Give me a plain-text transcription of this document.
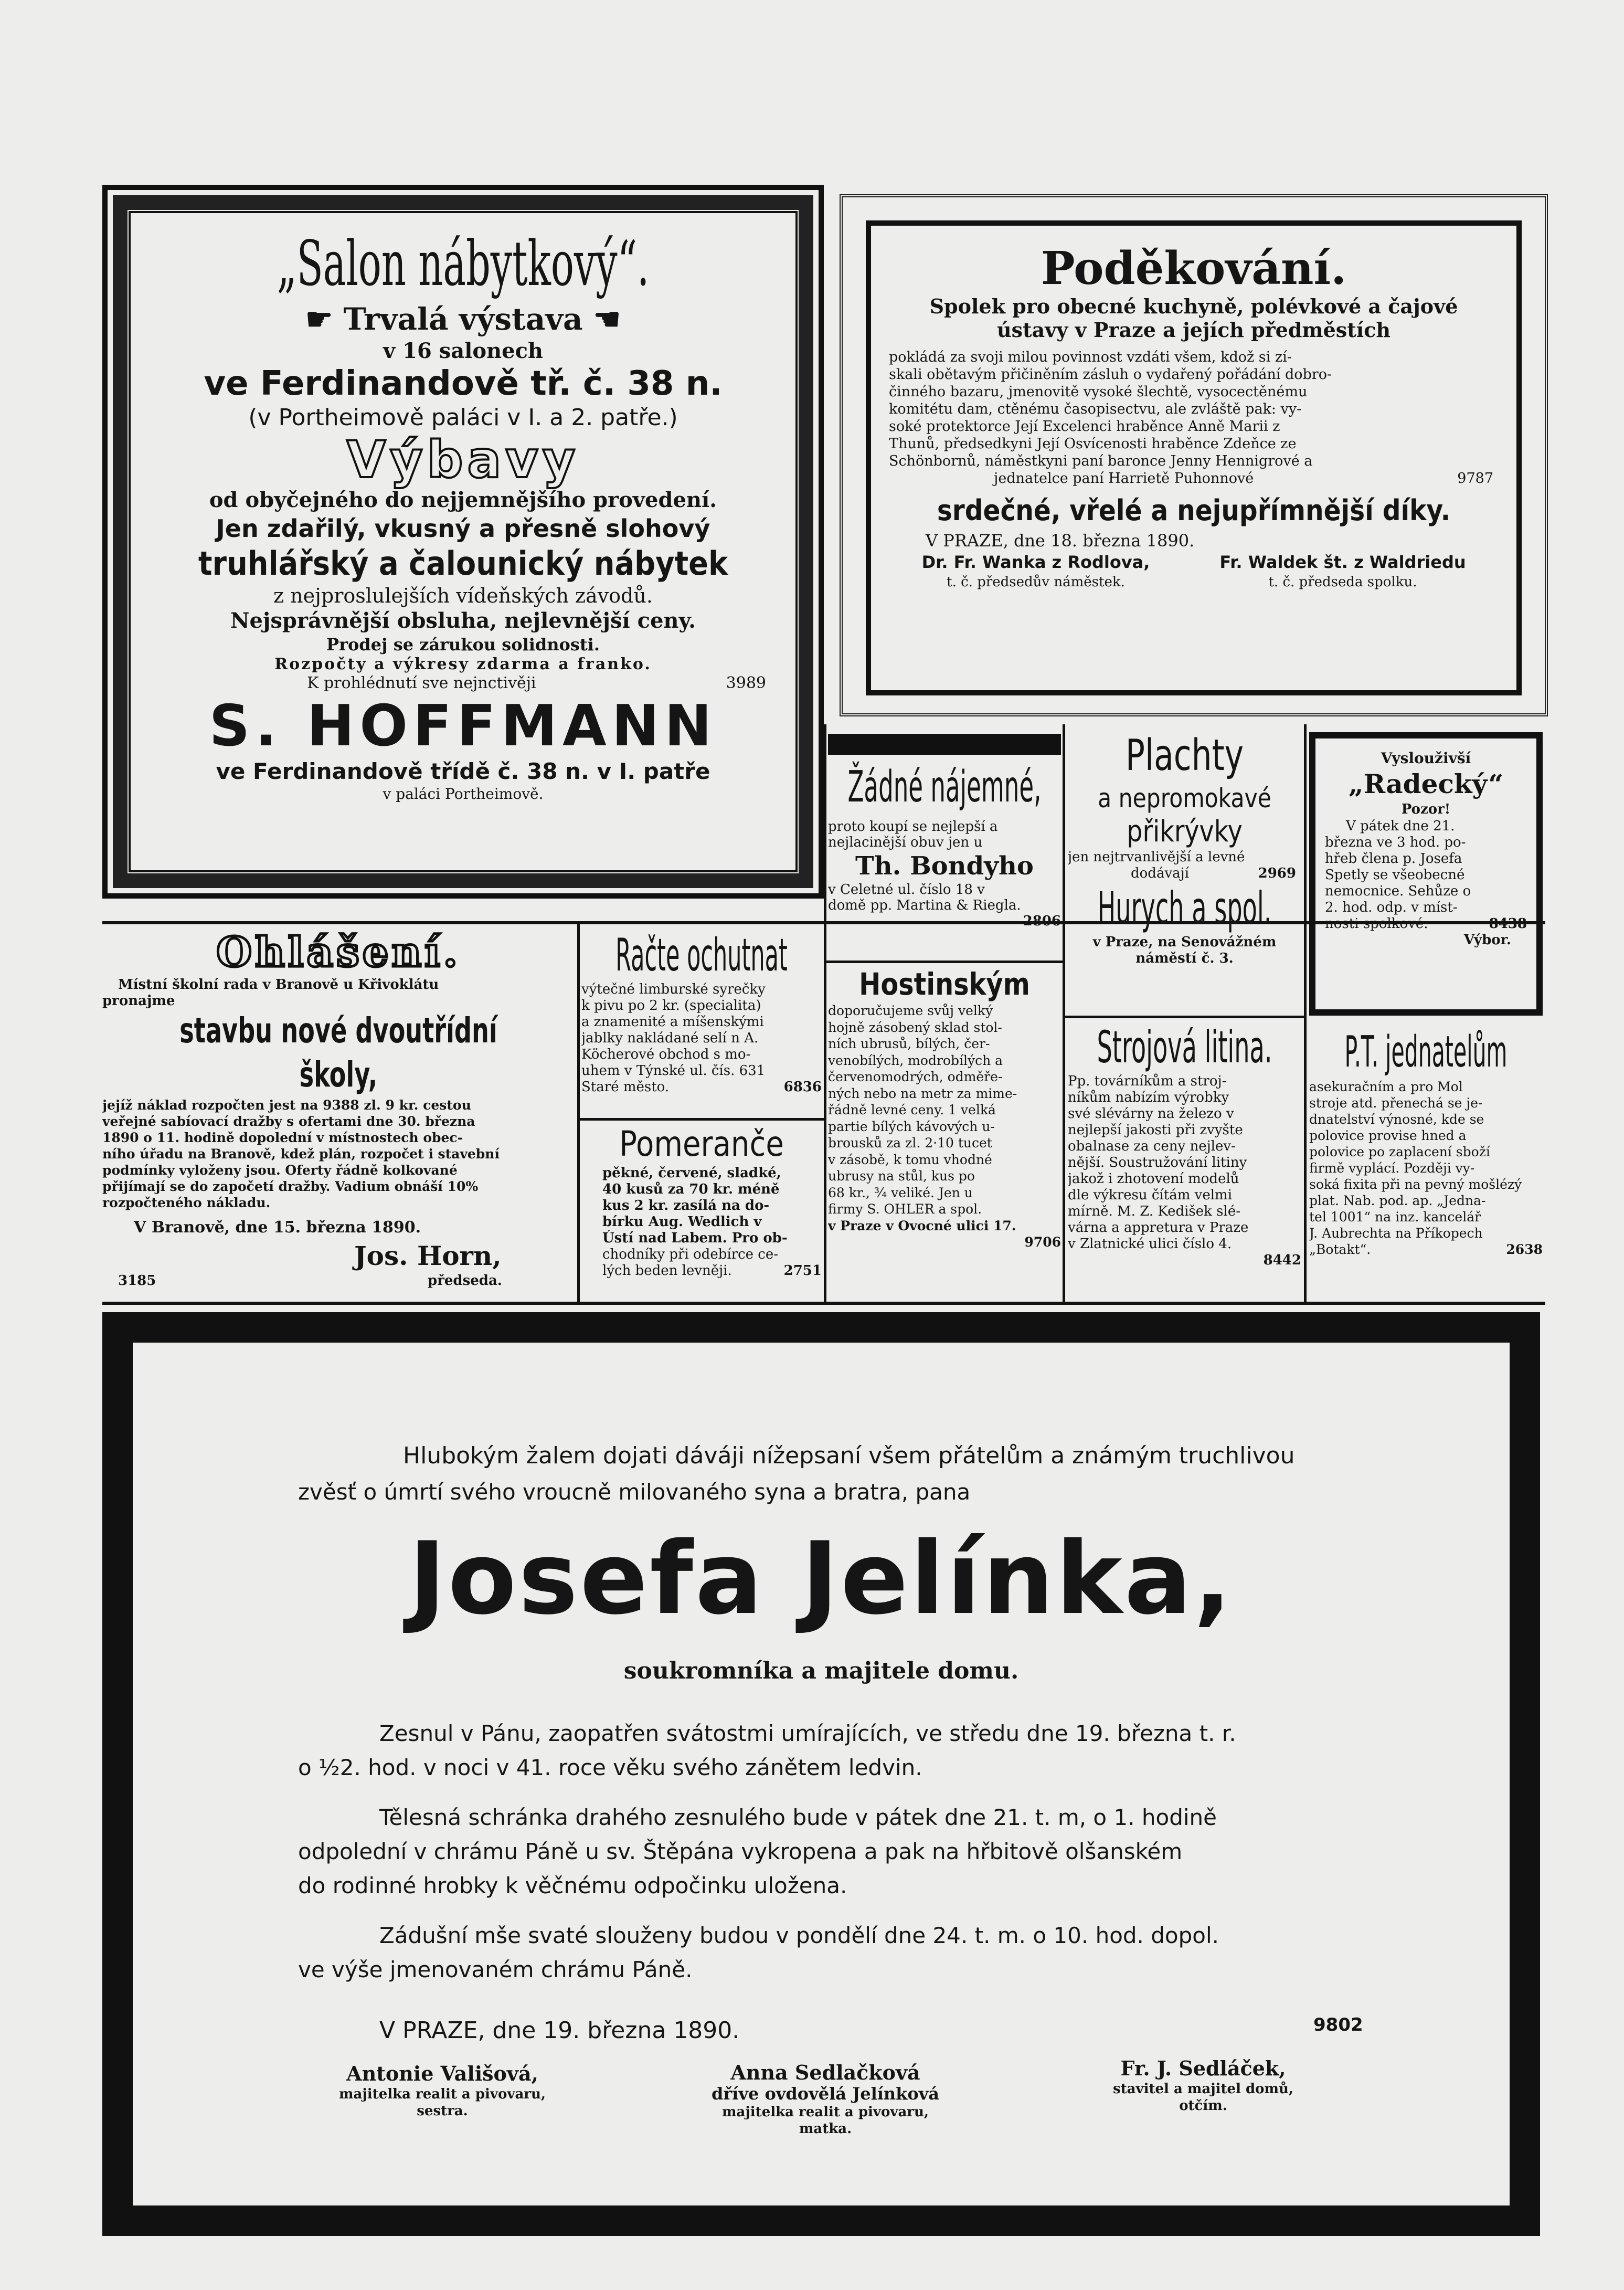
„Salon nábytkový“.
☛ Trvalá výstava ☚
v 16 salonech
ve Ferdinandově tř. č. 38 n.
(v Portheimově paláci v I. a 2. patře.)
Výbavy
od obyčejného do nejjemnějšího provedení.
Jen zdařilý, vkusný a přesně slohový
truhlářský a čalounický nábytek
z nejproslulejších vídeňských závodů.
Nejsprávnější obsluha, nejlevnější ceny.
Prodej se zárukou solidnosti.
Rozpočty a výkresy zdarma a franko.
K prohlédnutí sve nejnctivěji	3989
S. HOFFMANN
ve Ferdinandově třídě č. 38 n. v I. patře
v paláci Portheimově.
Poděkování.
Spolek pro obecné kuchyně, polévkové a čajové
ústavy v Praze a jejích předměstích
pokládá za svoji milou povinnost vzdáti všem, kdož si zí-
skali obětavým přičiněním zásluh o vydařený pořádání dobro-
činného bazaru, jmenovitě vysoké šlechtě, vysocectěnému
komitétu dam, ctěnému časopisectvu, ale zvláště pak: vy-
soké protektorce Její Excelenci hraběnce Anně Marii z
Thunů, předsedkyni Její Osvícenosti hraběnce Zdeňce ze
Schönbornů, náměstkyni paní baronce Jenny Hennigrové a
jednatelce paní Harrietě Puhonnové	9787
srdečné, vřelé a nejupřímnější díky.
V PRAZE, dne 18. března 1890.
Dr. Fr. Wanka z Rodlova,
t. č. předsedův náměstek.
Fr. Waldek št. z Waldriedu
t. č. předseda spolku.
Ohlášení.
Místní školní rada v Branově u Křivoklátu
pronajme
stavbu nové dvoutřídní školy,
jejíž náklad rozpočten jest na 9388 zl. 9 kr. cestou
veřejné sabíovací dražby s ofertami dne 30. března
1890 o 11. hodině dopolední v místnostech obec-
ního úřadu na Branově, kdež plán, rozpočet i stavební
podmínky vyloženy jsou. Oferty řádně kolkované
přijímají se do započetí dražby. Vadium obnáší 10%
rozpočteného nákladu.
V Branově, dne 15. března 1890.
Jos. Horn,
předseda.
3185
Račte ochutnat
výtečné limburské syrečky
k pivu po 2 kr. (specialita)
a znamenité a míšenskými
jablky nakládané selí n A.
Köcherové obchod s mo-
uhem v Týnské ul. čís. 631
Staré město.	6836
Pomeranče
pěkné, červené, sladké,
40 kusů za 70 kr. méně
kus 2 kr. zasílá na do-
bírku Aug. Wedlich v
Ústí nad Labem. Pro ob-
chodníky při odebírce ce-
lých beden levněji.	2751
Žádné nájemné,
proto koupí se nejlepší a
nejlacinější obuv jen u
Th. Bondyho
v Celetné ul. číslo 18 v
domě pp. Martina & Riegla.
2806
Hostinským
doporučujeme svůj velký
hojně zásobený sklad stol-
ních ubrusů, bílých, čer-
venobílých, modrobílých a
červenomodrých, odměře-
ných nebo na metr za mime-
řádně levné ceny. 1 velká
partie bílých kávových u-
brousků za zl. 2·10 tucet
v zásobě, k tomu vhodné
ubrusy na stůl, kus po
68 kr., ¾ veliké. Jen u
firmy S. OHLER a spol.
v Praze v Ovocné ulici 17.
9706
Plachty
a nepromokavé
přikrývky
jen nejtrvanlivější a levné
dodávají	2969
Hurych a spol.
v Praze, na Senovážném
náměstí č. 3.
Strojová litina.
Pp. továrníkům a stroj-
níkům nabízím výrobky
své slévárny na železo v
nejlepší jakosti při zvyšte
obalnase za ceny nejlev-
nější. Soustružování litiny
jakož i zhotovení modelů
dle výkresu čítám velmi
mírně. M. Z. Kedišek slé-
várna a appretura v Praze
v Zlatnické ulici číslo 4.
8442
Vyslouživší
„Radecký“
Pozor!
V pátek dne 21.
března ve 3 hod. po-
hřeb člena p. Josefa
Spetly se všeobecné
nemocnice. Sehůze o
2. hod. odp. v míst-
nosti spolkové.	8438
Výbor.
P.T. jednatelům
asekuračním a pro Mol
stroje atd. přenechá se je-
dnatelství výnosné, kde se
polovice provise hned a
polovice po zaplacení sboží
firmě vyplácí. Později vy-
soká fixita při na pevný mošlézý
plat. Nab. pod. ap. „Jedna-
tel 1001“ na inz. kancelář
J. Aubrechta na Příkopech
„Botakt“.	2638
Hlubokým žalem dojati dáváji nížepsaní všem přátelům a známým truchlivou
zvěsť o úmrtí svého vroucně milovaného syna a bratra, pana
Josefa Jelínka,
soukromníka a majitele domu.
Zesnul v Pánu, zaopatřen svátostmi umírajících, ve středu dne 19. března t. r.
o ½2. hod. v noci v 41. roce věku svého zánětem ledvin.
Tělesná schránka drahého zesnulého bude v pátek dne 21. t. m, o 1. hodině
odpolední v chrámu Páně u sv. Štěpána vykropena a pak na hřbitově olšanském
do rodinné hrobky k věčnému odpočinku uložena.
Zádušní mše svaté slouženy budou v pondělí dne 24. t. m. o 10. hod. dopol.
ve výše jmenovaném chrámu Páně.
V PRAZE, dne 19. března 1890.	9802
Antonie Vališová,
majitelka realit a pivovaru,
sestra.
Anna Sedlačková
dříve ovdovělá Jelínková
majitelka realit a pivovaru,
matka.
Fr. J. Sedláček,
stavitel a majitel domů,
otčím.
